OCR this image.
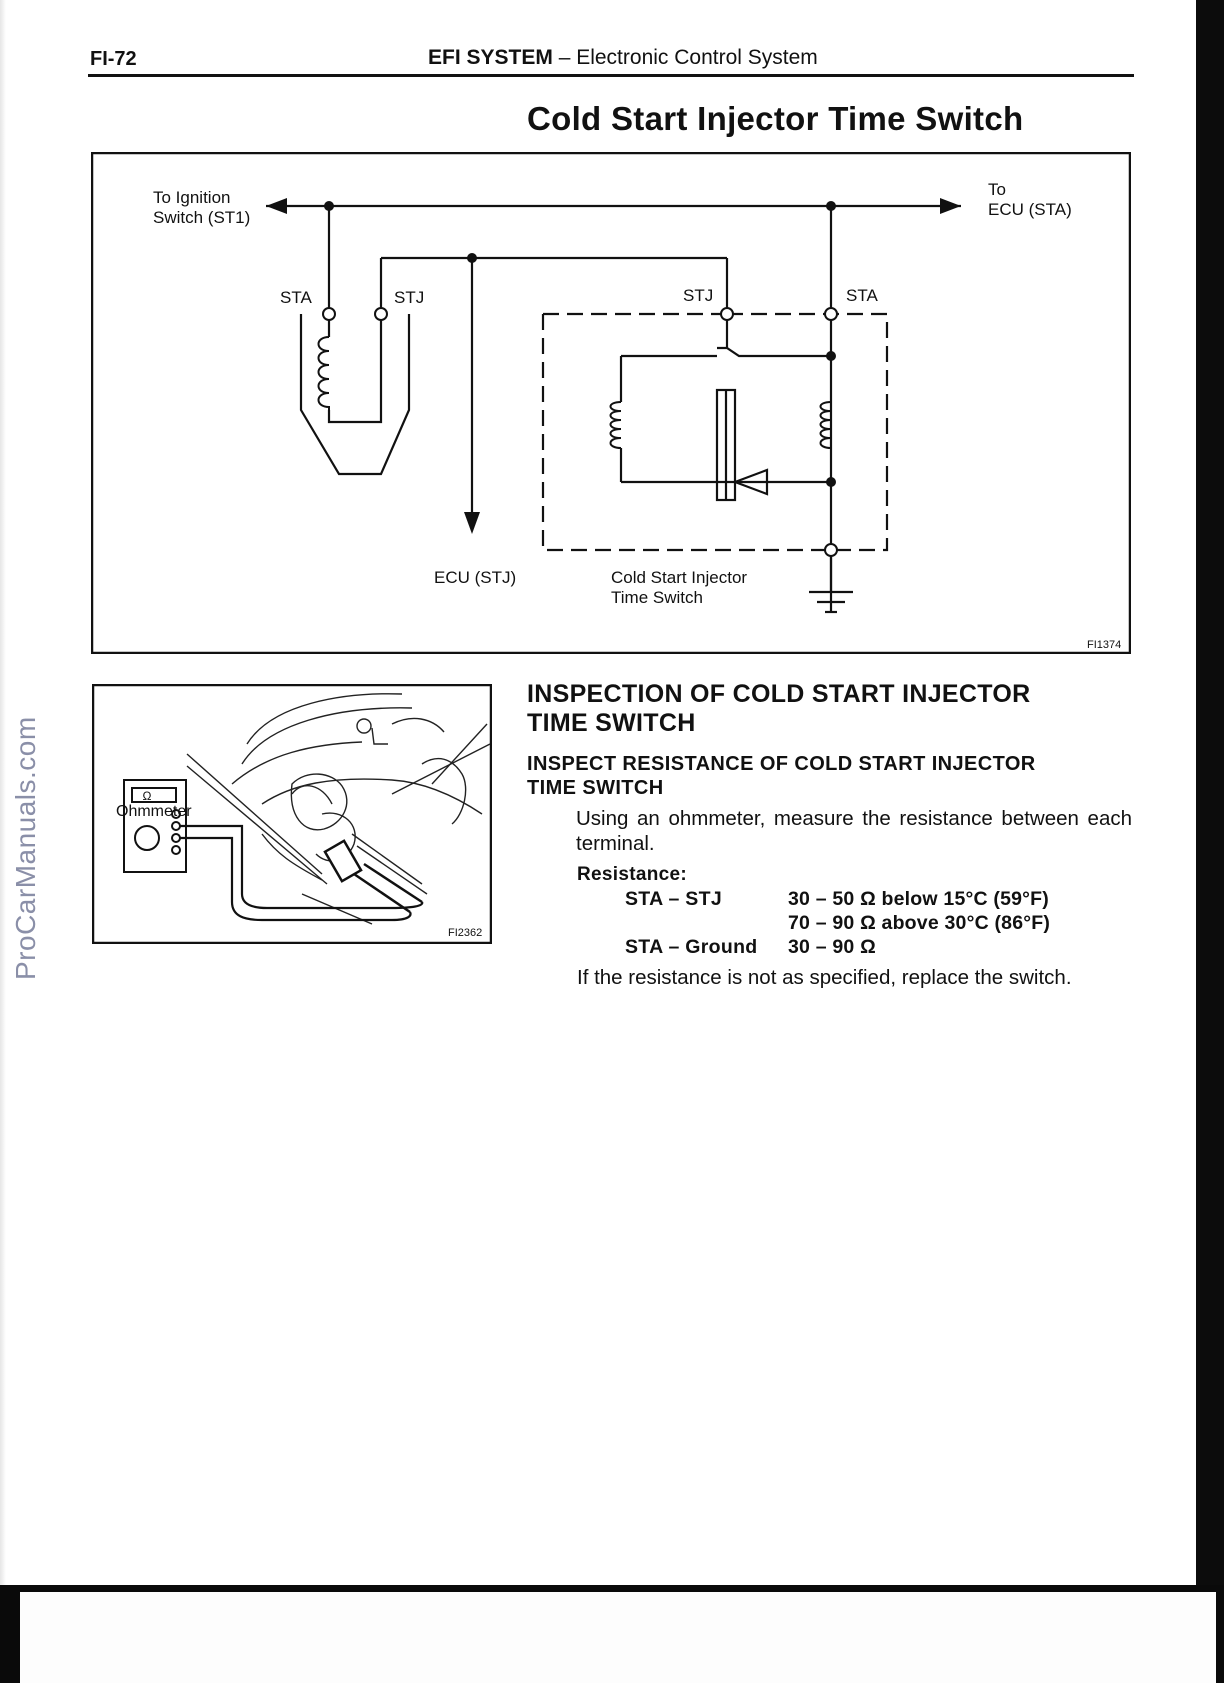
FI-72	EFI SYSTEM – Electronic Control System
Cold Start Injector Time Switch
To Ignition
Switch (ST1)
To
ECU (STA)
STA	STJ	STJ	STA
ECU (STJ)	Cold Start Injector
Time Switch
FI1374
Ω
Ohmmeter
FI2362
INSPECTION OF COLD START INJECTOR
TIME SWITCH
INSPECT RESISTANCE OF COLD START INJECTOR
TIME SWITCH
Using an ohmmeter, measure the resistance between each terminal.
Resistance:
STA – STJ	30 – 50 Ω below 15°C (59°F)
70 – 90 Ω above 30°C (86°F)
STA – Ground 30 – 90 Ω
If the resistance is not as specified, replace the switch.
ProCarManuals.com
